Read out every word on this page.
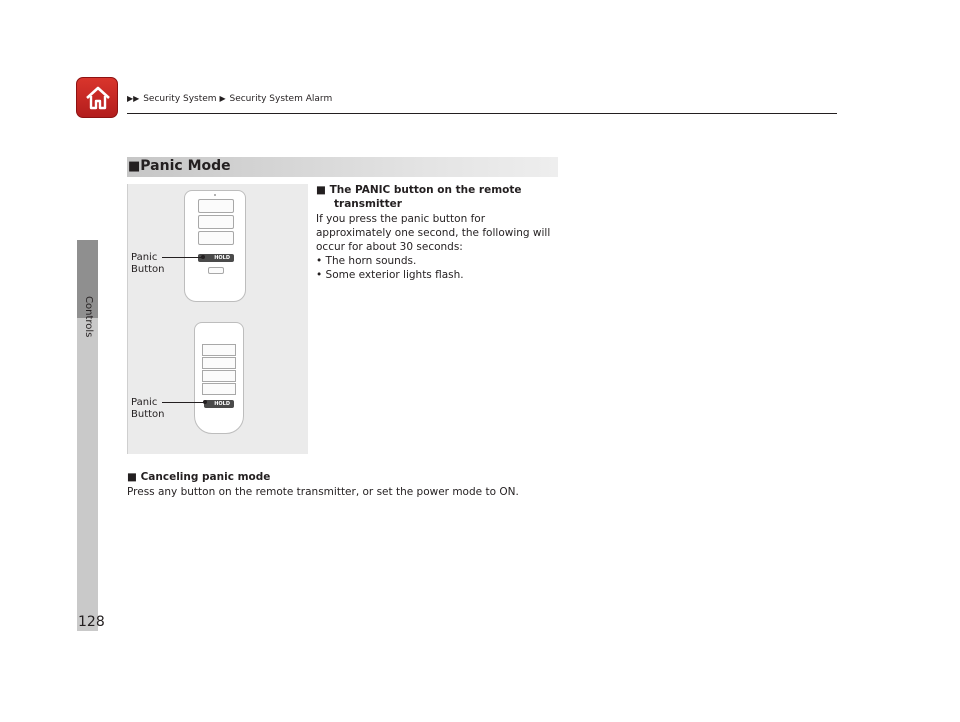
▶▶ Security System ▶ Security System Alarm
Controls
■Panic Mode
HOLD
HOLD
Panic
Button
Panic
Button
■ The PANIC button on the remote
transmitter
If you press the panic button for
approximately one second, the following will
occur for about 30 seconds:
• The horn sounds.
• Some exterior lights flash.
■ Canceling panic mode
Press any button on the remote transmitter, or set the power mode to ON.
128
